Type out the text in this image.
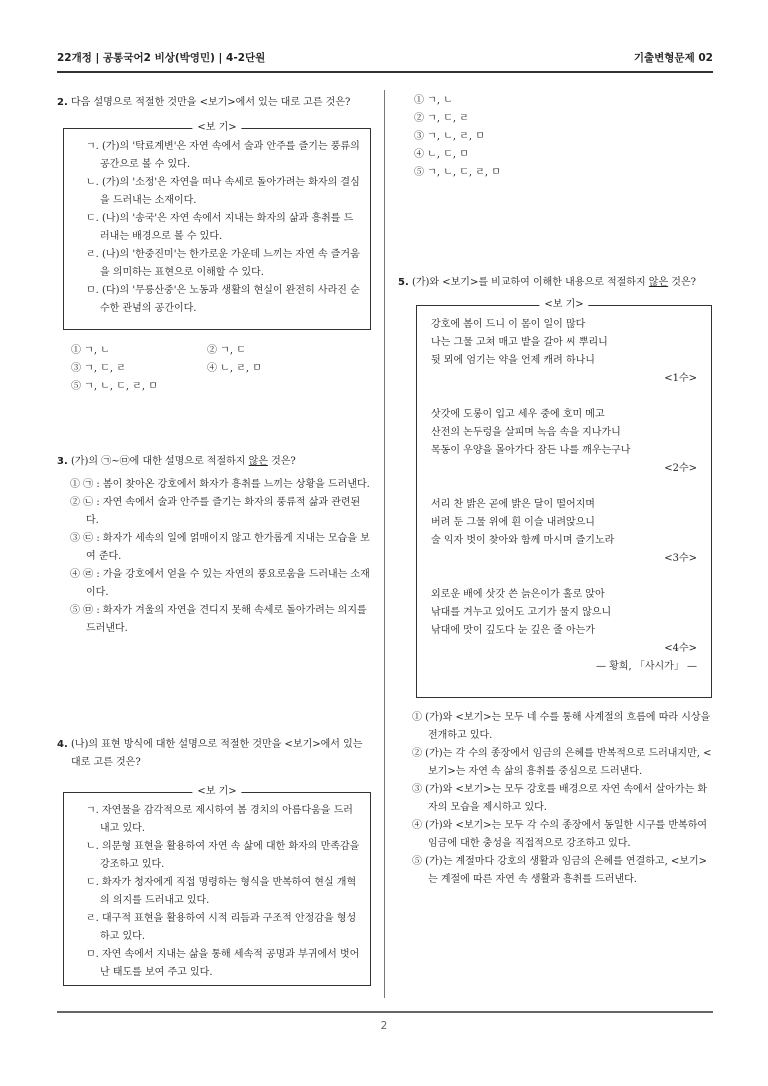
22개정 | 공통국어2 비상(박영민) | 4-2단원	기출변형문제 02

2. 다음 설명으로 적절한 것만을 <보기>에서 있는 대로 고른 것은?

<보 기>

ㄱ. (가)의 '탁료계변'은 자연 속에서 술과 안주를 즐기는 풍류의 공간으로 볼 수 있다.

ㄴ. (가)의 '소정'은 자연을 떠나 속세로 돌아가려는 화자의 결심을 드러내는 소재이다.

ㄷ. (나)의 '송국'은 자연 속에서 지내는 화자의 삶과 흥취를 드러내는 배경으로 볼 수 있다.

ㄹ. (나)의 '한중진미'는 한가로운 가운데 느끼는 자연 속 즐거움을 의미하는 표현으로 이해할 수 있다.

ㅁ. (다)의 '무릉산중'은 노동과 생활의 현실이 완전히 사라진 순수한 관념의 공간이다.

① ㄱ, ㄴ	② ㄱ, ㄷ
③ ㄱ, ㄷ, ㄹ	④ ㄴ, ㄹ, ㅁ
⑤ ㄱ, ㄴ, ㄷ, ㄹ, ㅁ

3. (가)의 ㉠~㉤에 대한 설명으로 적절하지 않은 것은?

① ㉠ : 봄이 찾아온 강호에서 화자가 흥취를 느끼는 상황을 드러낸다.

② ㉡ : 자연 속에서 술과 안주를 즐기는 화자의 풍류적 삶과 관련된다.

③ ㉢ : 화자가 세속의 일에 얽매이지 않고 한가롭게 지내는 모습을 보여 준다.

④ ㉣ : 가을 강호에서 얻을 수 있는 자연의 풍요로움을 드러내는 소재이다.

⑤ ㉤ : 화자가 겨울의 자연을 견디지 못해 속세로 돌아가려는 의지를 드러낸다.

4. (나)의 표현 방식에 대한 설명으로 적절한 것만을 <보기>에서 있는 대로 고른 것은?

<보 기>

ㄱ. 자연물을 감각적으로 제시하여 봄 경치의 아름다움을 드러내고 있다.

ㄴ. 의문형 표현을 활용하여 자연 속 삶에 대한 화자의 만족감을 강조하고 있다.

ㄷ. 화자가 청자에게 직접 명령하는 형식을 반복하여 현실 개혁의 의지를 드러내고 있다.

ㄹ. 대구적 표현을 활용하여 시적 리듬과 구조적 안정감을 형성하고 있다.

ㅁ. 자연 속에서 지내는 삶을 통해 세속적 공명과 부귀에서 벗어난 태도를 보여 주고 있다.

① ㄱ, ㄴ
② ㄱ, ㄷ, ㄹ
③ ㄱ, ㄴ, ㄹ, ㅁ
④ ㄴ, ㄷ, ㅁ
⑤ ㄱ, ㄴ, ㄷ, ㄹ, ㅁ

5. (가)와 <보기>를 비교하여 이해한 내용으로 적절하지 않은 것은?

<보 기>

강호에 봄이 드니 이 몸이 일이 많다

나는 그물 고쳐 매고 밭을 갈아 씨 뿌리니

뒷 뫼에 엄기는 약을 언제 캐려 하나니

<1수>

삿갓에 도롱이 입고 세우 중에 호미 메고

산전의 논두렁을 살피며 녹음 속을 지나가니

목동이 우양을 몰아가다 잠든 나를 깨우는구나

<2수>

서리 찬 밝은 곧에 밝은 달이 떨어지며

버려 둔 그물 위에 흰 이슬 내려앉으니

술 익자 벗이 찾아와 함께 마시며 즐기노라

<3수>

외로운 배에 삿갓 쓴 늙은이가 홀로 앉아

낚대를 겨누고 있어도 고기가 물지 않으니

낚대에 맛이 깊도다 눈 깊은 줄 아는가

<4수>

— 황희, 「사시가」 —

① (가)와 <보기>는 모두 네 수를 통해 사계절의 흐름에 따라 시상을 전개하고 있다.

② (가)는 각 수의 종장에서 임금의 은혜를 반복적으로 드러내지만, <보기>는 자연 속 삶의 흥취를 중심으로 드러낸다.

③ (가)와 <보기>는 모두 강호를 배경으로 자연 속에서 살아가는 화자의 모습을 제시하고 있다.

④ (가)와 <보기>는 모두 각 수의 종장에서 동일한 시구를 반복하여 임금에 대한 충성을 직접적으로 강조하고 있다.

⑤ (가)는 계절마다 강호의 생활과 임금의 은혜를 연결하고, <보기>는 계절에 따른 자연 속 생활과 흥취를 드러낸다.

2
